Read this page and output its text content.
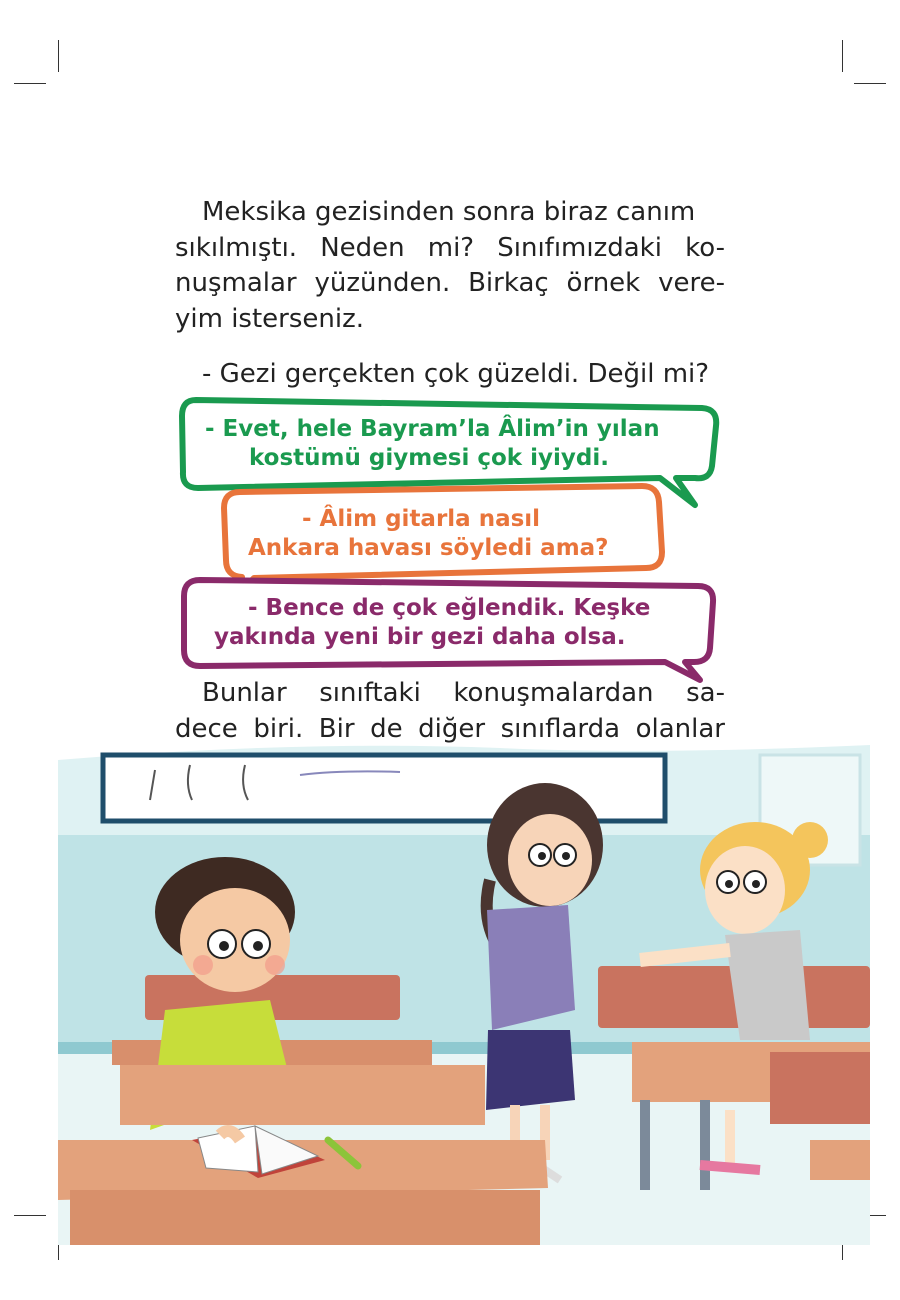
Meksika gezisinden sonra biraz canım
sıkılmıştı. Neden mi? Sınıfımızdaki ko-
nuşmalar yüzünden. Birkaç örnek vere-
yim isterseniz.

- Gezi gerçekten çok güzeldi. Değil mi?

- Evet, hele Bayram’la Âlim’in yılan
kostümü giymesi çok iyiydi.
- Âlim gitarla nasıl
Ankara havası söyledi ama?
- Bence de çok eğlendik. Keşke
yakında yeni bir gezi daha olsa.

Bunlar sınıftaki konuşmalardan sa-
dece biri. Bir de diğer sınıflarda olanlar
